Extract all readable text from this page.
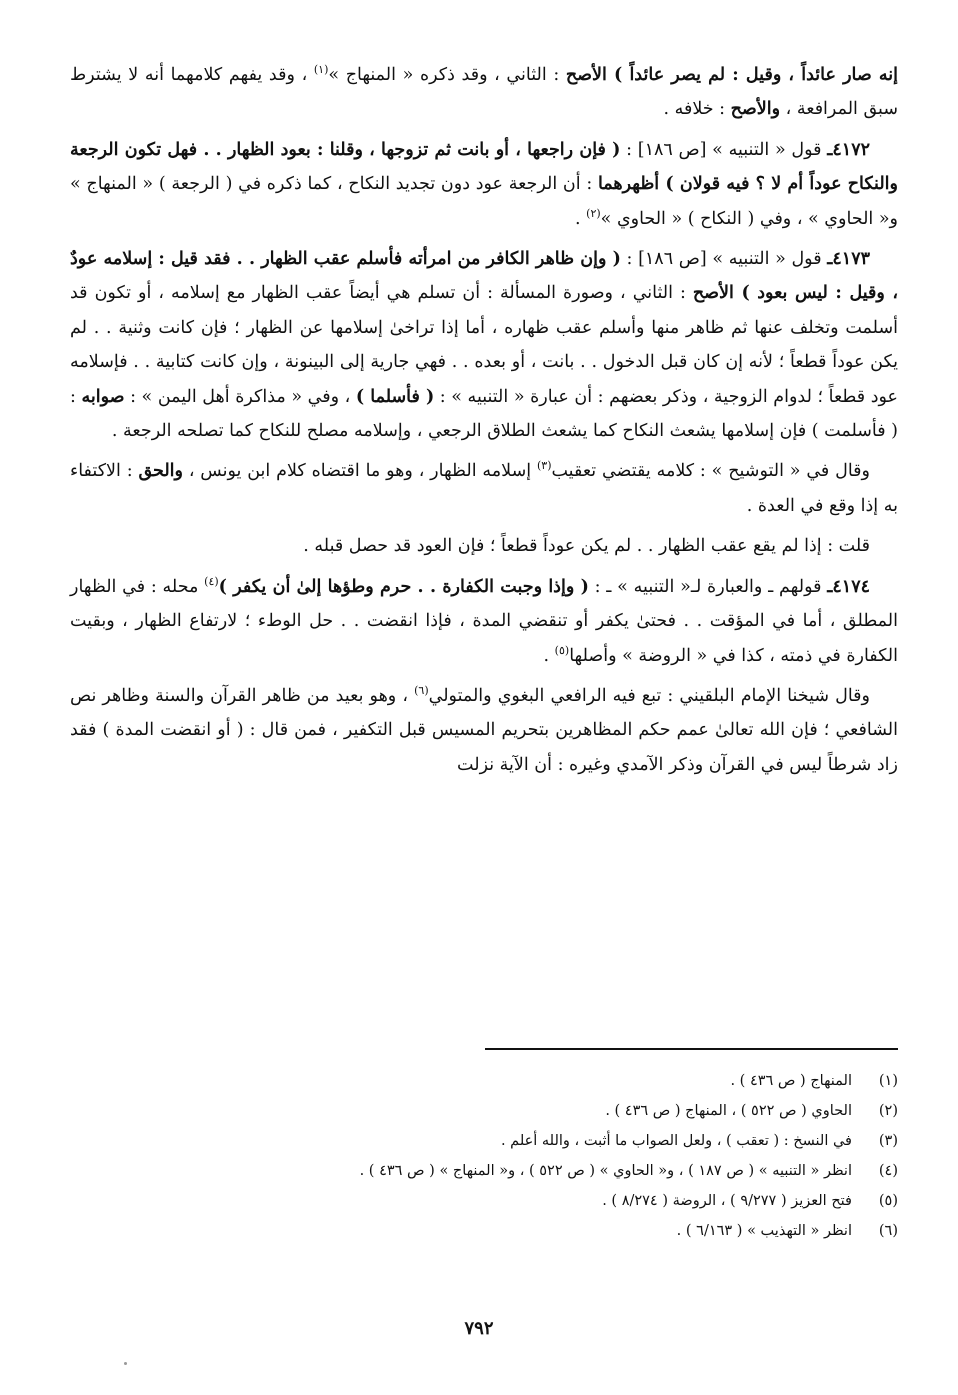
إنه صار عائداً ، وقيل : لم يصر عائداً ) الأصح : الثاني ، وقد ذكره « المنهاج »$^{(١)}$ ، وقد يفهم كلامهما أنه لا يشترط سبق المرافعة ، والأصح : خلافه .

٤١٧٢ـ قول « التنبيه » [ص ١٨٦] : ( فإن راجعها ، أو بانت ثم تزوجها ، وقلنا : بعود الظهار . . فهل تكون الرجعة والنكاح عوداً أم لا ؟ فيه قولان ) أظهرهما : أن الرجعة عود دون تجديد النكاح ، كما ذكره في ( الرجعة ) « المنهاج » و« الحاوي » ، وفي ( النكاح ) « الحاوي »$^{(٢)}$ .

٤١٧٣ـ قول « التنبيه » [ص ١٨٦] : ( وإن ظاهر الكافر من امرأته فأسلم عقب الظهار . . فقد قيل : إسلامه عودٌ ، وقيل : ليس بعود ) الأصح : الثاني ، وصورة المسألة : أن تسلم هي أيضاً عقب الظهار مع إسلامه ، أو تكون قد أسلمت وتخلف عنها ثم ظاهر منها وأسلم عقب ظهاره ، أما إذا تراخىٰ إسلامها عن الظهار ؛ فإن كانت وثنية . . لم يكن عوداً قطعاً ؛ لأنه إن كان قبل الدخول . . بانت ، أو بعده . . فهي جارية إلى البينونة ، وإن كانت كتابية . . فإسلامه عود قطعاً ؛ لدوام الزوجية ، وذكر بعضهم : أن عبارة « التنبيه » : ( فأسلما ) ، وفي « مذاكرة أهل اليمن » : صوابه : ( فأسلمت ) فإن إسلامها يشعث النكاح كما يشعث الطلاق الرجعي ، وإسلامه مصلح للنكاح كما تصلحه الرجعة .

وقال في « التوشيح » : كلامه يقتضي تعقيب$^{(٣)}$ إسلامه الظهار ، وهو ما اقتضاه كلام ابن يونس ، والحق : الاكتفاء به إذا وقع في العدة .

قلت : إذا لم يقع عقب الظهار . . لم يكن عوداً قطعاً ؛ فإن العود قد حصل قبله .

٤١٧٤ـ قولهم ـ والعبارة لـ« التنبيه » ـ : ( وإذا وجبت الكفارة . . حرم وطؤها إلىٰ أن يكفر )$^{(٤)}$ محله : في الظهار المطلق ، أما في المؤقت . . فحتىٰ يكفر أو تنقضي المدة ، فإذا انقضت . . حل الوطء ؛ لارتفاع الظهار ، وبقيت الكفارة في ذمته ، كذا في « الروضة » وأصلها$^{(٥)}$ .

وقال شيخنا الإمام البلقيني : تبع فيه الرافعي البغوي والمتولي$^{(٦)}$ ، وهو بعيد من ظاهر القرآن والسنة وظاهر نص الشافعي ؛ فإن الله تعالىٰ عمم حكم المظاهرين بتحريم المسيس قبل التكفير ، فمن قال : ( أو انقضت المدة ) فقد زاد شرطاً ليس في القرآن وذكر الآمدي وغيره : أن الآية نزلت

(١)
المنهاج ( ص ٤٣٦ ) .
(٢)
الحاوي ( ص ٥٢٢ ) ، المنهاج ( ص ٤٣٦ ) .
(٣)
في النسخ : ( تعقب ) ، ولعل الصواب ما أثبت ، والله أعلم .
(٤)
انظر « التنبيه » ( ص ١٨٧ ) ، و« الحاوي » ( ص ٥٢٢ ) ، و« المنهاج » ( ص ٤٣٦ ) .
(٥)
فتح العزيز ( ٩/٢٧٧ ) ، الروضة ( ٨/٢٧٤ ) .
(٦)
انظر « التهذيب » ( ٦/١٦٣ ) .
٧٩٢
